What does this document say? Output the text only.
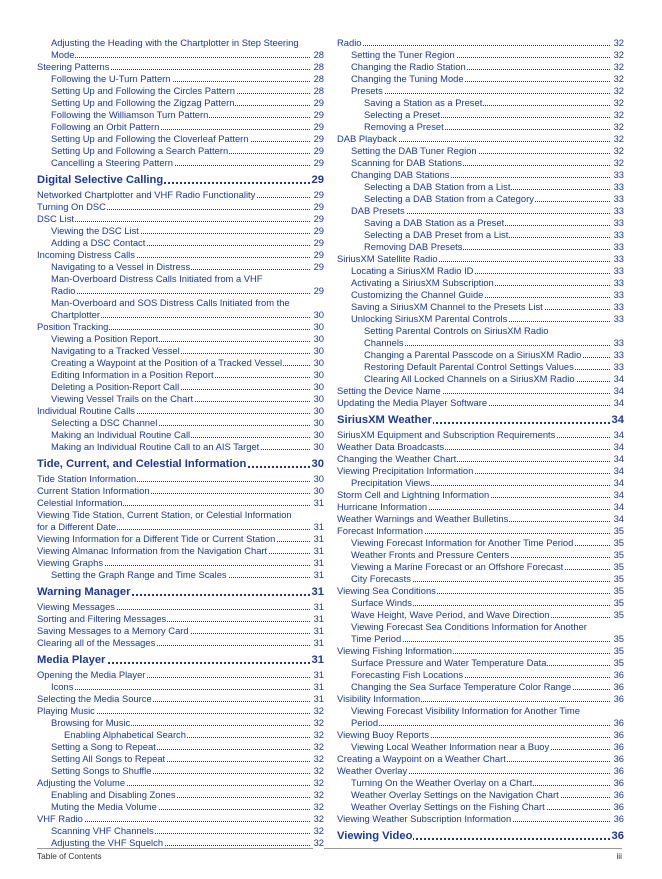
Adjusting the Heading with the Chartplotter in Step Steering
Mode	28
Steering Patterns	28
Following the U-Turn Pattern	28
Setting Up and Following the Circles Pattern	28
Setting Up and Following the Zigzag Pattern	29
Following the Williamson Turn Pattern	29
Following an Orbit Pattern	29
Setting Up and Following the Cloverleaf Pattern	29
Setting Up and Following a Search Pattern	29
Cancelling a Steering Pattern	29
Digital Selective Calling	29
Networked Chartplotter and VHF Radio Functionality	29
Turning On DSC	29
DSC List	29
Viewing the DSC List	29
Adding a DSC Contact	29
Incoming Distress Calls	29
Navigating to a Vessel in Distress	29
Man-Overboard Distress Calls Initiated from a VHF
Radio	29
Man-Overboard and SOS Distress Calls Initiated from the
Chartplotter	30
Position Tracking	30
Viewing a Position Report	30
Navigating to a Tracked Vessel	30
Creating a Waypoint at the Position of a Tracked Vessel	30
Editing Information in a Position Report	30
Deleting a Position-Report Call	30
Viewing Vessel Trails on the Chart	30
Individual Routine Calls	30
Selecting a DSC Channel	30
Making an Individual Routine Call	30
Making an Individual Routine Call to an AIS Target	30
Tide, Current, and Celestial Information	30
Tide Station Information	30
Current Station Information	30
Celestial Information	31
Viewing Tide Station, Current Station, or Celestial Information
for a Different Date	31
Viewing Information for a Different Tide or Current Station	31
Viewing Almanac Information from the Navigation Chart	31
Viewing Graphs	31
Setting the Graph Range and Time Scales	31
Warning Manager	31
Viewing Messages	31
Sorting and Filtering Messages	31
Saving Messages to a Memory Card	31
Clearing all of the Messages	31
Media Player	31
Opening the Media Player	31
Icons	31
Selecting the Media Source	31
Playing Music	32
Browsing for Music	32
Enabling Alphabetical Search	32
Setting a Song to Repeat	32
Setting All Songs to Repeat	32
Setting Songs to Shuffle	32
Adjusting the Volume	32
Enabling and Disabling Zones	32
Muting the Media Volume	32
VHF Radio	32
Scanning VHF Channels	32
Adjusting the VHF Squelch	32
Radio	32
Setting the Tuner Region	32
Changing the Radio Station	32
Changing the Tuning Mode	32
Presets	32
Saving a Station as a Preset	32
Selecting a Preset	32
Removing a Preset	32
DAB Playback	32
Setting the DAB Tuner Region	32
Scanning for DAB Stations	32
Changing DAB Stations	33
Selecting a DAB Station from a List	33
Selecting a DAB Station from a Category	33
DAB Presets	33
Saving a DAB Station as a Preset	33
Selecting a DAB Preset from a List	33
Removing DAB Presets	33
SiriusXM Satellite Radio	33
Locating a SiriusXM Radio ID	33
Activating a SiriusXM Subscription	33
Customizing the Channel Guide	33
Saving a SiriusXM Channel to the Presets List	33
Unlocking SiriusXM Parental Controls	33
Setting Parental Controls on SiriusXM Radio
Channels	33
Changing a Parental Passcode on a SiriusXM Radio	33
Restoring Default Parental Control Settings Values	33
Clearing All Locked Channels on a SiriusXM Radio	34
Setting the Device Name	34
Updating the Media Player Software	34
SiriusXM Weather	34
SiriusXM Equipment and Subscription Requirements	34
Weather Data Broadcasts	34
Changing the Weather Chart	34
Viewing Precipitation Information	34
Precipitation Views	34
Storm Cell and Lightning Information	34
Hurricane Information	34
Weather Warnings and Weather Bulletins	34
Forecast Information	35
Viewing Forecast Information for Another Time Period	35
Weather Fronts and Pressure Centers	35
Viewing a Marine Forecast or an Offshore Forecast	35
City Forecasts	35
Viewing Sea Conditions	35
Surface Winds	35
Wave Height, Wave Period, and Wave Direction	35
Viewing Forecast Sea Conditions Information for Another
Time Period	35
Viewing Fishing Information	35
Surface Pressure and Water Temperature Data	35
Forecasting Fish Locations	36
Changing the Sea Surface Temperature Color Range	36
Visibility Information	36
Viewing Forecast Visibility Information for Another Time
Period	36
Viewing Buoy Reports	36
Viewing Local Weather Information near a Buoy	36
Creating a Waypoint on a Weather Chart	36
Weather Overlay	36
Turning On the Weather Overlay on a Chart	36
Weather Overlay Settings on the Navigation Chart	36
Weather Overlay Settings on the Fishing Chart	36
Viewing Weather Subscription Information	36
Viewing Video	36
Table of Contents	iii
